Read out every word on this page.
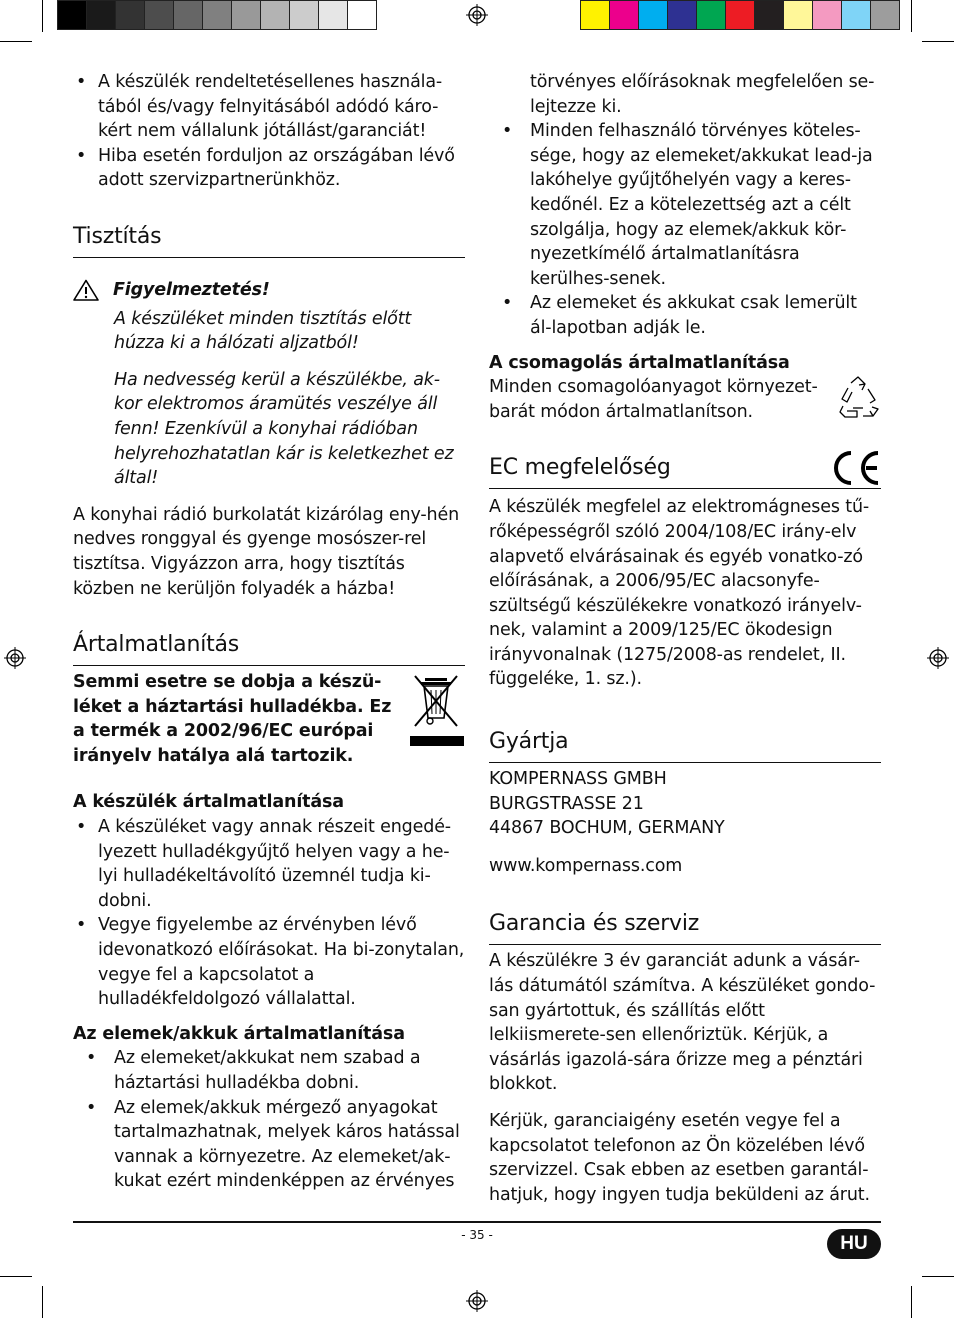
• A készülék rendeltetésellenes használa-tából és/vagy felnyitásából adódó káro-kért nem vállalunk jótállást/garanciát!
• Hiba esetén forduljon az országában lévő adott szervizpartnerünkhöz.
Tisztítás
Figyelmeztetés!

A készüléket minden tisztítás előtt húzza ki a hálózati aljzatból!

Ha nedvesség kerül a készülékbe, ak-kor elektromos áramütés veszélye áll fenn! Ezenkívül a konyhai rádióban helyrehozhatatlan kár is keletkezhet ez által!

A konyhai rádió burkolatát kizárólag eny-hén nedves ronggyal és gyenge mosószer-rel tisztítsa. Vigyázzon arra, hogy tisztítás közben ne kerüljön folyadék a házba!

Ártalmatlanítás

Semmi esetre se dobja a készü-léket a háztartási hulladékba. Ez a termék a 2002/96/EC európai irányelv hatálya alá tartozik.

A készülék ártalmatlanítása
• A készüléket vagy annak részeit engedé-lyezett hulladékgyűjtő helyen vagy a he-lyi hulladékeltávolító üzemnél tudja ki-dobni.
• Vegye figyelembe az érvényben lévő idevonatkozó előírásokat. Ha bi-zonytalan, vegye fel a kapcsolatot a hulladékfeldolgozó vállalattal.
Az elemek/akkuk ártalmatlanítása
• Az elemeket/akkukat nem szabad a háztartási hulladékba dobni.
• Az elemek/akkuk mérgező anyagokat tartalmazhatnak, melyek káros hatással vannak a környezetre. Az elemeket/ak-kukat ezért mindenképpen az érvényes

törvényes előírásoknak megfelelően se-lejtezze ki.

• Minden felhasználó törvényes köteles-sége, hogy az elemeket/akkukat lead-ja lakóhelye gyűjtőhelyén vagy a keres-kedőnél. Ez a kötelezettség azt a célt szolgálja, hogy az elemek/akkuk kör-nyezetkímélő ártalmatlanításra kerülhes-senek.
• Az elemeket és akkukat csak lemerült ál-lapotban adják le.
A csomagolás ártalmatlanítása

Minden csomagolóanyagot környezet-barát módon ártalmatlanítson.

EC megfelelőség

A készülék megfelel az elektromágneses tű-rőképességről szóló 2004/108/EC irány-elv alapvető elvárásainak és egyéb vonatko-zó előírásának, a 2006/95/EC alacsonyfe-szültségű készülékekre vonatkozó irányelv-nek, valamint a 2009/125/EC ökodesign irányvonalnak (1275/2008-as rendelet, II. függeléke, 1. sz.).

Gyártja

KOMPERNASS GMBH

BURGSTRASSE 21

44867 BOCHUM, GERMANY

www.kompernass.com

Garancia és szerviz

A készülékre 3 év garanciát adunk a vásár-lás dátumától számítva. A készüléket gondo-san gyártottuk, és szállítás előtt lelkiismerete-sen ellenőriztük. Kérjük, a vásárlás igazolá-sára őrizze meg a pénztári blokkot.

Kérjük, garanciaigény esetén vegye fel a kapcsolatot telefonon az Ön közelében lévő szervizzel. Csak ebben az esetben garantál-hatjuk, hogy ingyen tudja beküldeni az árut.

- 35 -	HU
